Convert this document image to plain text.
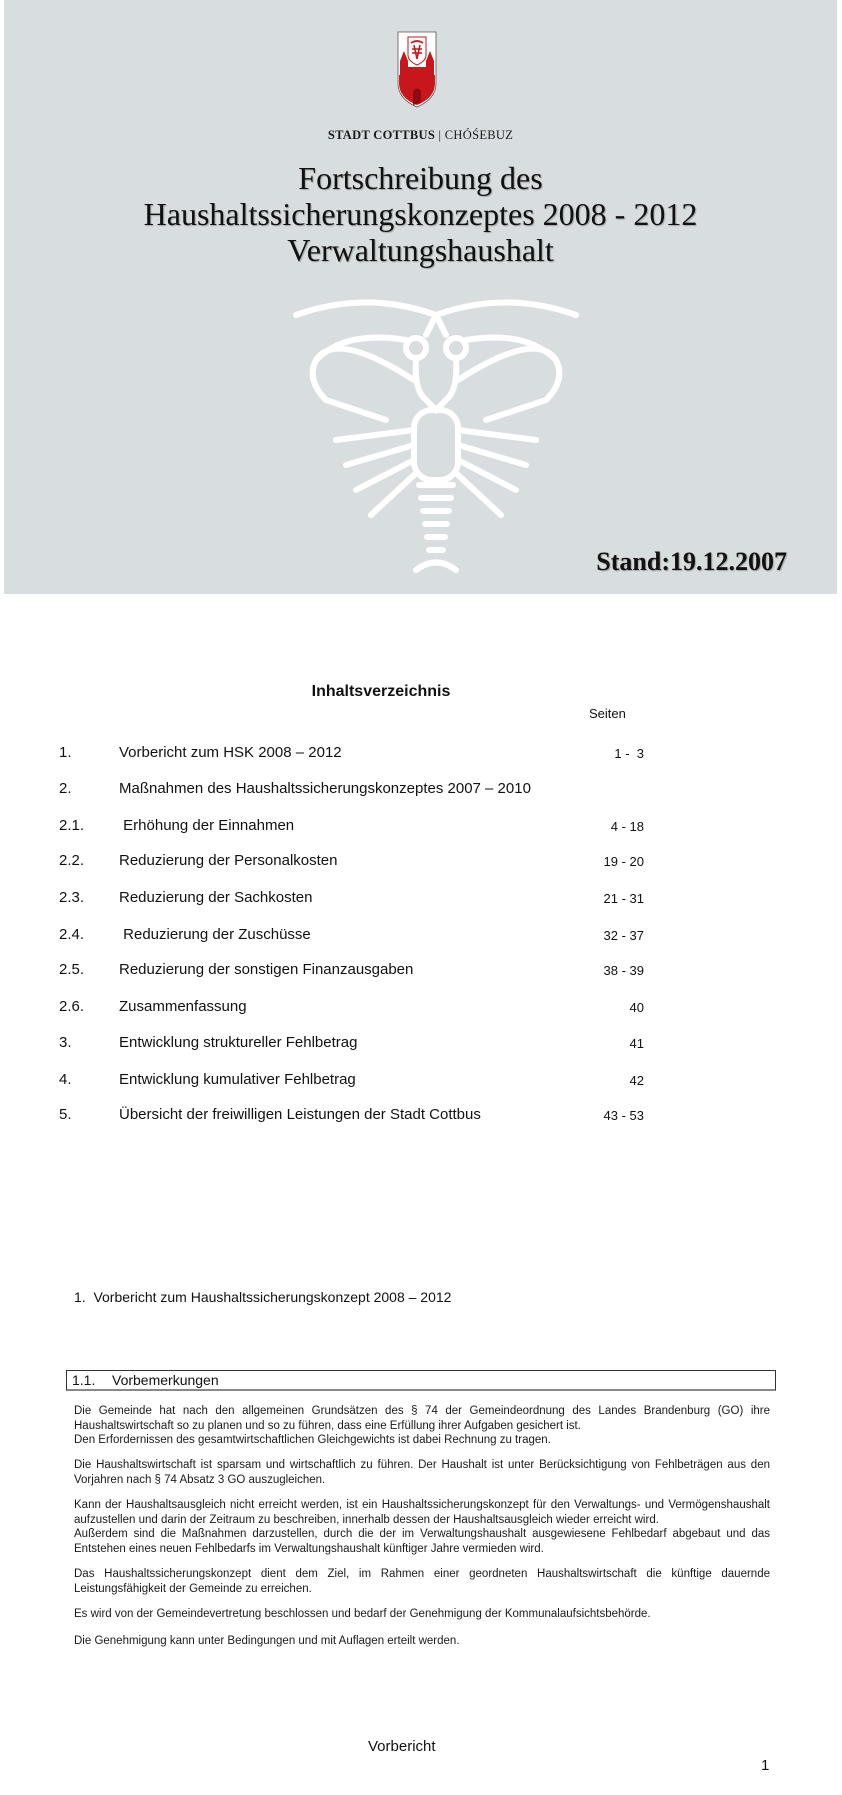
STADT COTTBUS | CHÓŚEBUZ
Fortschreibung des
Haushaltssicherungskonzeptes 2008 - 2012
Verwaltungshaushalt
Stand:19.12.2007
Inhaltsverzeichnis
Seiten
1.	Vorbericht zum HSK 2008 – 2012	1 -  3
2.	Maßnahmen des Haushaltssicherungskonzeptes 2007 – 2010
2.1. Erhöhung der Einnahmen	4 - 18
2.2. Reduzierung der Personalkosten	19 - 20
2.3. Reduzierung der Sachkosten	21 - 31
2.4. Reduzierung der Zuschüsse	32 - 37
2.5. Reduzierung der sonstigen Finanzausgaben	38 - 39
2.6. Zusammenfassung	40
3.	Entwicklung struktureller Fehlbetrag	41
4.	Entwicklung kumulativer Fehlbetrag	42
5.	Übersicht der freiwilligen Leistungen der Stadt Cottbus	43 - 53
1.  Vorbericht zum Haushaltssicherungskonzept 2008 – 2012
1.1. Vorbemerkungen

Die Gemeinde hat nach den allgemeinen Grundsätzen des § 74 der Gemeindeordnung des Landes Brandenburg (GO) ihre Haushaltswirtschaft so zu planen und so zu führen, dass eine Erfüllung ihrer Aufgaben gesichert ist.

Den Erfordernissen des gesamtwirtschaftlichen Gleichgewichts ist dabei Rechnung zu tragen.

Die Haushaltswirtschaft ist sparsam und wirtschaftlich zu führen. Der Haushalt ist unter Berücksichtigung von Fehlbeträgen aus den Vorjahren nach § 74 Absatz 3 GO auszugleichen.

Kann der Haushaltsausgleich nicht erreicht werden, ist ein Haushaltssicherungskonzept für den Verwaltungs- und Vermögenshaushalt aufzustellen und darin der Zeitraum zu beschreiben, innerhalb dessen der Haushaltsausgleich wieder erreicht wird.

Außerdem sind die Maßnahmen darzustellen, durch die der im Verwaltungshaushalt ausgewiesene Fehlbedarf abgebaut und das Entstehen eines neuen Fehlbedarfs im Verwaltungshaushalt künftiger Jahre vermieden wird.

Das Haushaltssicherungskonzept dient dem Ziel, im Rahmen einer geordneten Haushaltswirtschaft die künftige dauernde Leistungsfähigkeit der Gemeinde zu erreichen.

Es wird von der Gemeindevertretung beschlossen und bedarf der Genehmigung der Kommunalaufsichtsbehörde.

Die Genehmigung kann unter Bedingungen und mit Auflagen erteilt werden.

Vorbericht
1
